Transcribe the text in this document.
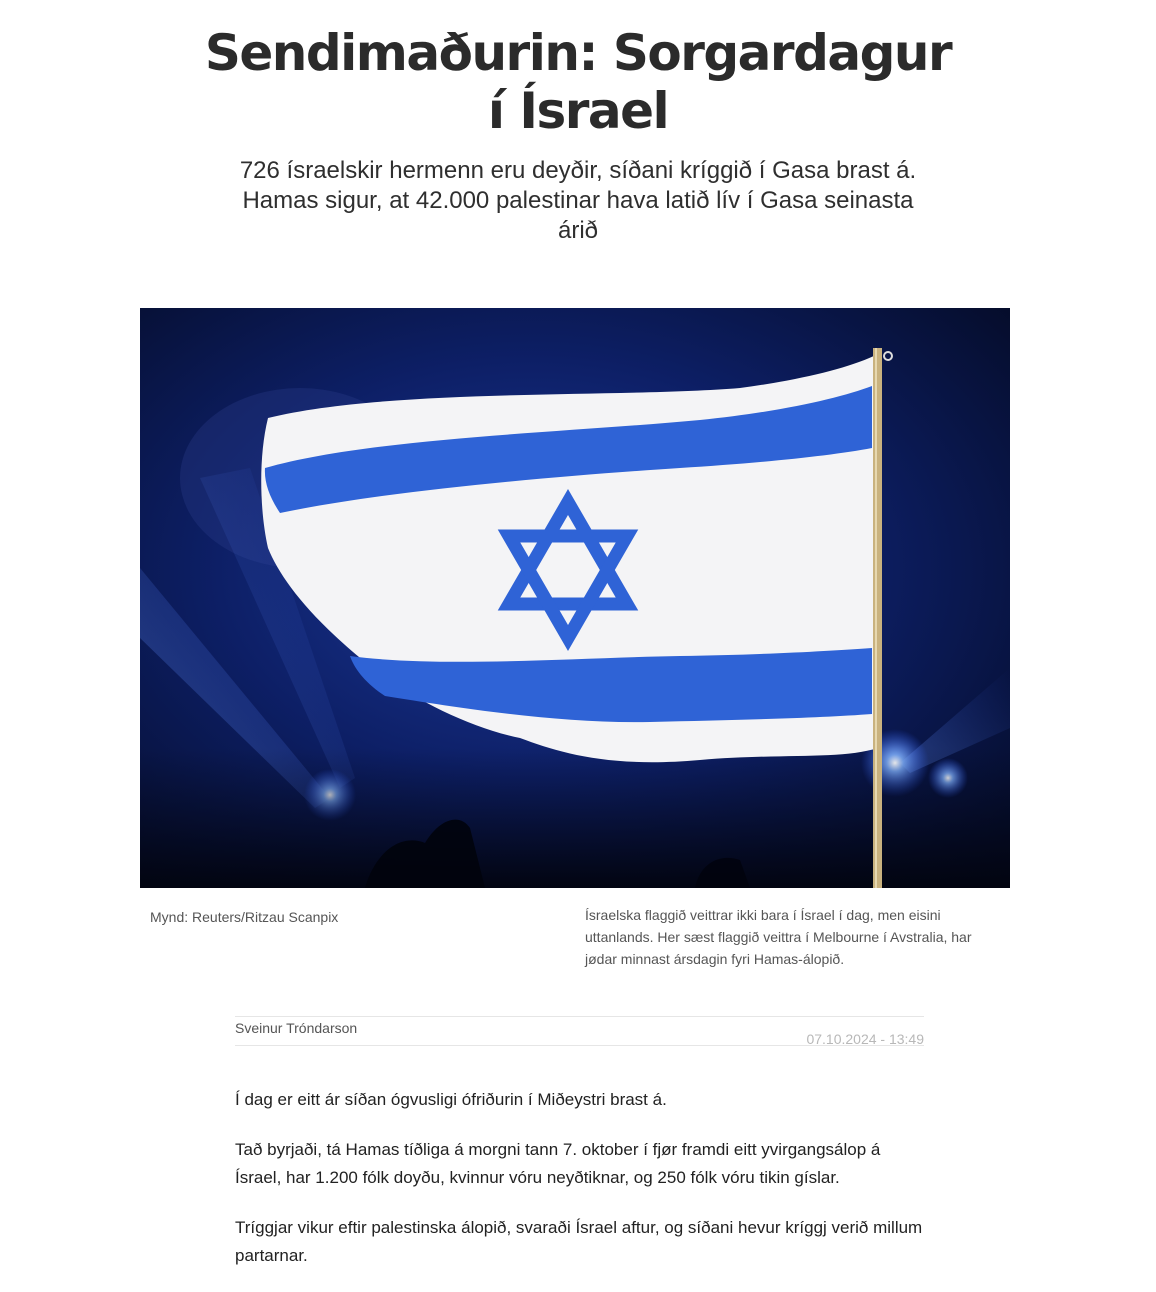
Sendimaðurin: Sorgardagur
í Ísrael

726 ísraelskir hermenn eru deyðir, síðani kríggið í Gasa brast á. Hamas sigur, at 42.000 palestinar hava latið lív í Gasa seinasta árið

Mynd: Reuters/Ritzau Scanpix	Ísraelska flaggið veittrar ikki bara í Ísrael í dag, men eisini uttanlands. Her sæst flaggið veittra í Melbourne í Avstralia, har jødar minnast ársdagin fyri Hamas-álopið.
Sveinur Tróndarson
07.10.2024 - 13:49

Í dag er eitt ár síðan ógvusligi ófriðurin í Miðeystri brast á.

Tað byrjaði, tá Hamas tíðliga á morgni tann 7. oktober í fjør framdi eitt yvirgangsálop á Ísrael, har 1.200 fólk doyðu, kvinnur vóru neyðtiknar, og 250 fólk vóru tikin gíslar.

Tríggjar vikur eftir palestinska álopið, svaraði Ísrael aftur, og síðani hevur kríggj verið millum partarnar.
